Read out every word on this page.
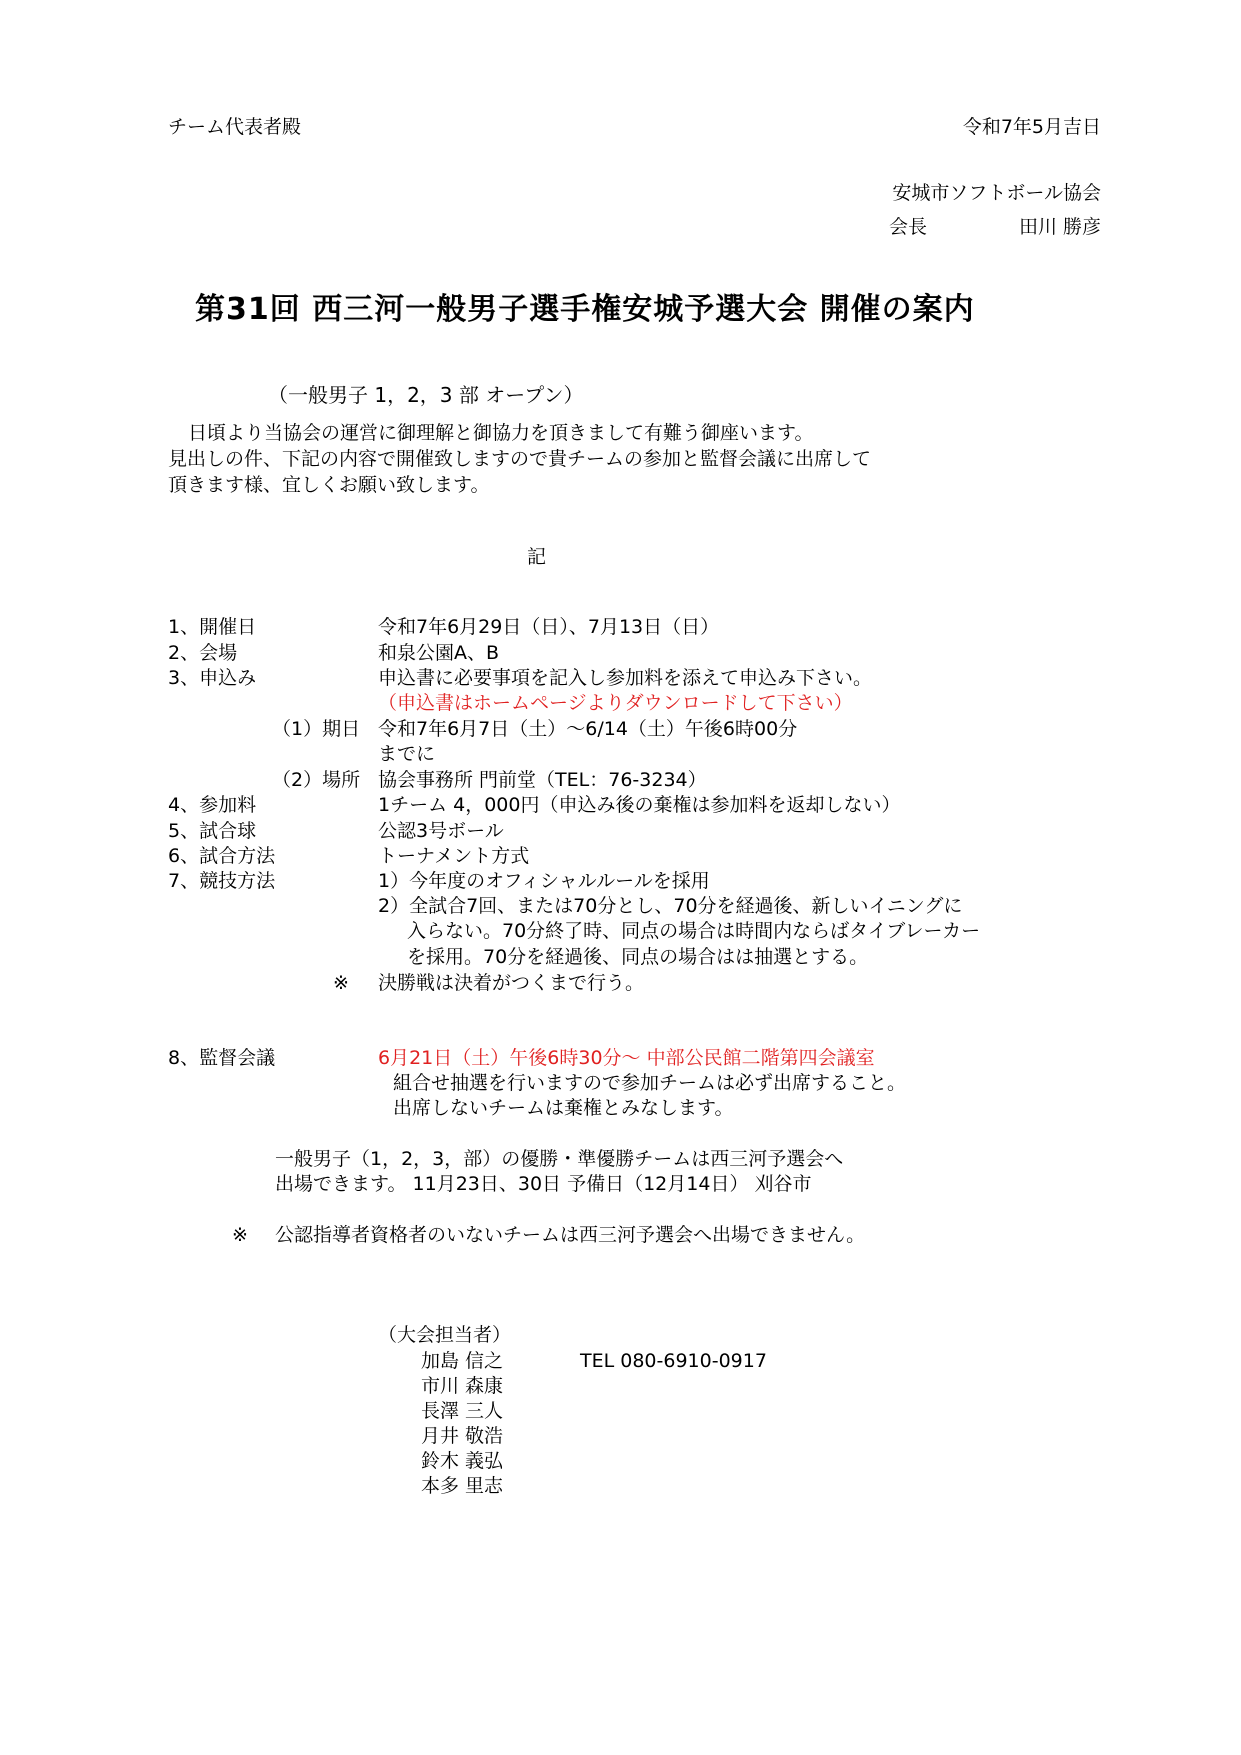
チーム代表者殿	令和7年5月吉日
安城市ソフトボール協会
会長	田川 勝彦
第31回 西三河一般男子選手権安城予選大会 開催の案内
（一般男子 1，2，3 部 オープン）
日頃より当協会の運営に御理解と御協力を頂きまして有難う御座います。
見出しの件、下記の内容で開催致しますので貴チームの参加と監督会議に出席して
頂きます様、宜しくお願い致します。
記
1、開催日	令和7年6月29日（日）、7月13日（日）
2、会場	和泉公園A、B
3、申込み	申込書に必要事項を記入し参加料を添えて申込み下さい。
（申込書はホームページよりダウンロードして下さい）
（1）期日 令和7年6月7日（土）～6/14（土）午後6時00分
までに
（2）場所 協会事務所 門前堂（TEL：76-3234）
4、参加料	1チーム 4，000円（申込み後の棄権は参加料を返却しない）
5、試合球	公認3号ボール
6、試合方法	トーナメント方式
7、競技方法	1）今年度のオフィシャルルールを採用
2）全試合7回、または70分とし、70分を経過後、新しいイニングに
入らない。70分終了時、同点の場合は時間内ならばタイブレーカー
を採用。70分を経過後、同点の場合はは抽選とする。
※ 決勝戦は決着がつくまで行う。
8、監督会議	6月21日（土）午後6時30分～ 中部公民館二階第四会議室
組合せ抽選を行いますので参加チームは必ず出席すること。
出席しないチームは棄権とみなします。
一般男子（1，2，3，部）の優勝・準優勝チームは西三河予選会へ
出場できます。 11月23日、30日 予備日（12月14日） 刈谷市
※ 公認指導者資格者のいないチームは西三河予選会へ出場できません。
（大会担当者）
加島 信之	TEL 080-6910-0917
市川 森康
長澤 三人
月井 敬浩
鈴木 義弘
本多 里志
